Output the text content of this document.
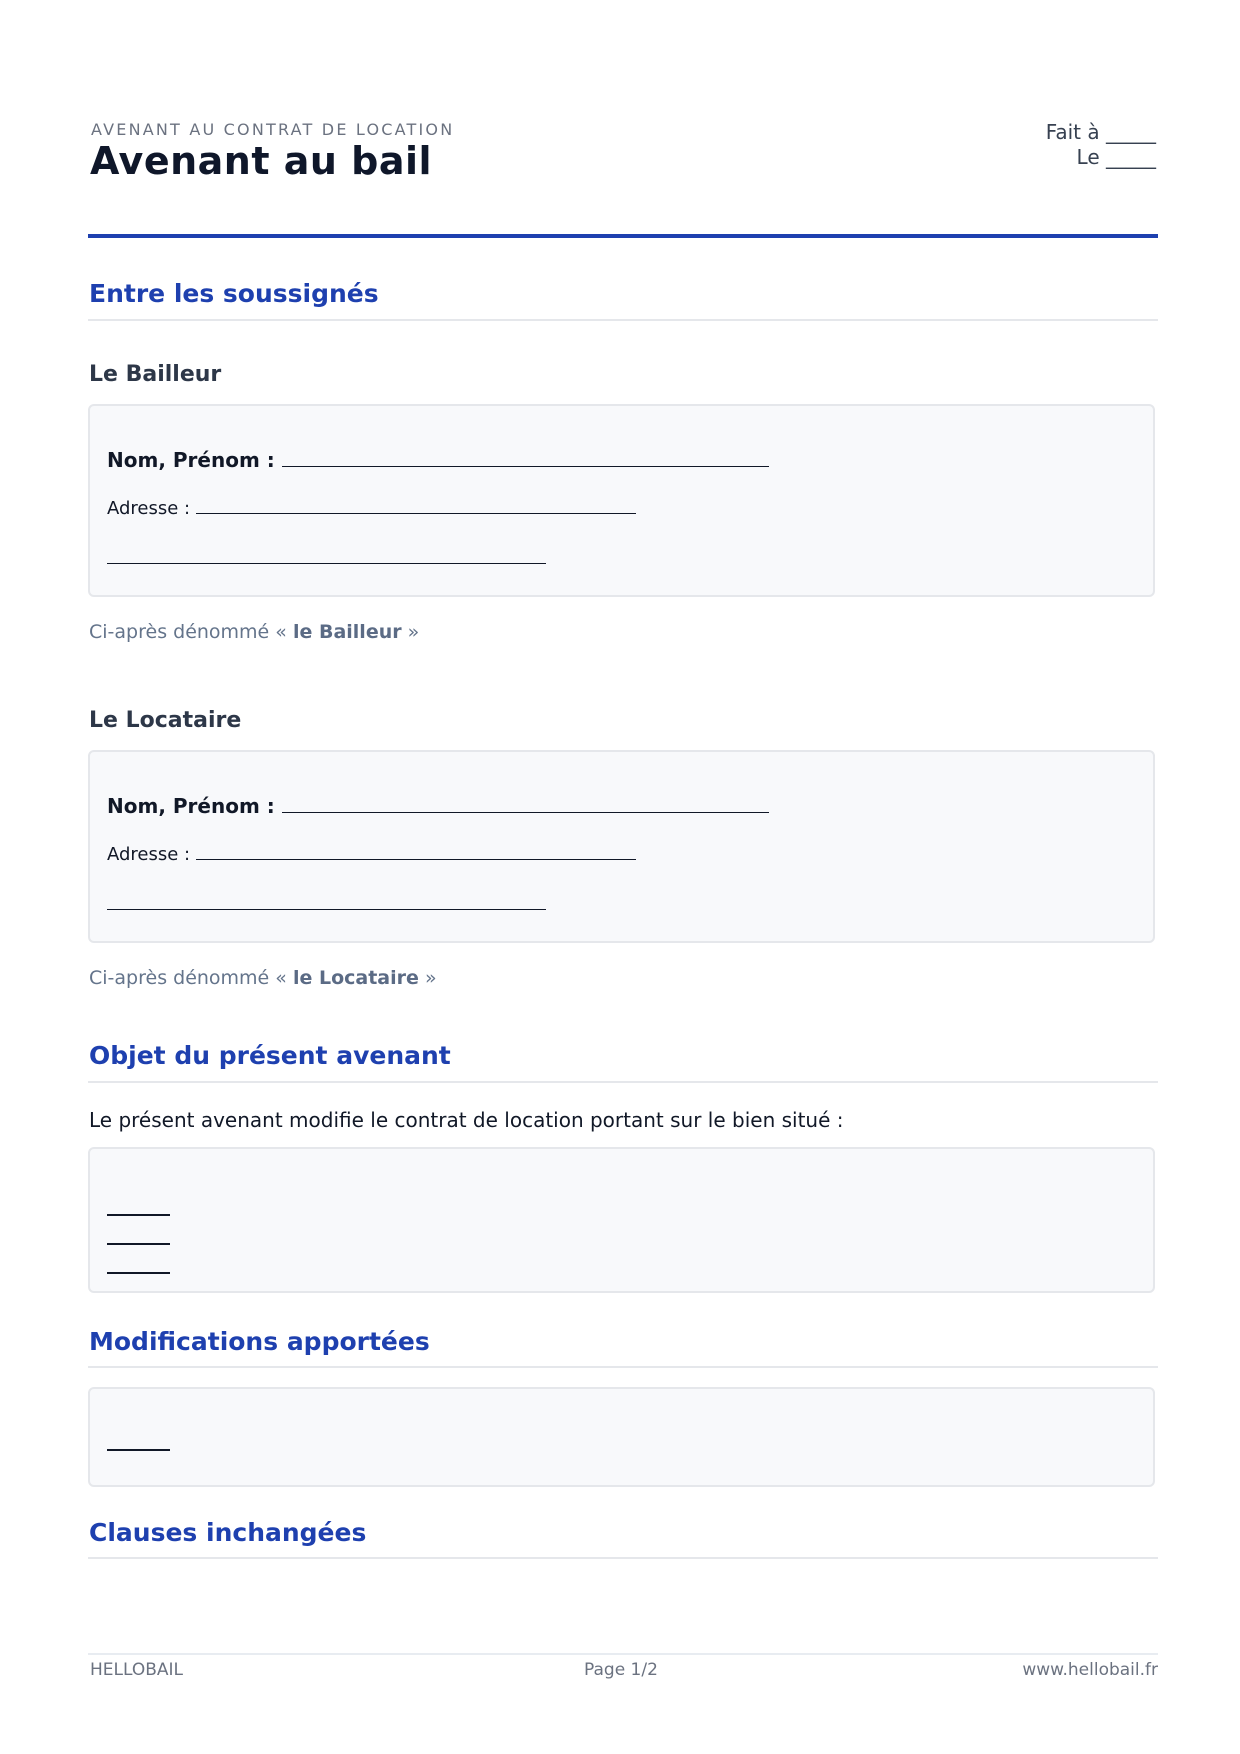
AVENANT AU CONTRAT DE LOCATION
Avenant au bail
Fait à _____
Le _____
Entre les soussignés
Le Bailleur
Nom, Prénom :
Adresse :
Ci-après dénommé « le Bailleur »
Le Locataire
Nom, Prénom :
Adresse :
Ci-après dénommé « le Locataire »
Objet du présent avenant
Le présent avenant modifie le contrat de location portant sur le bien situé :
Modifications apportées
Clauses inchangées
HELLOBAIL	Page 1/2	www.hellobail.fr
